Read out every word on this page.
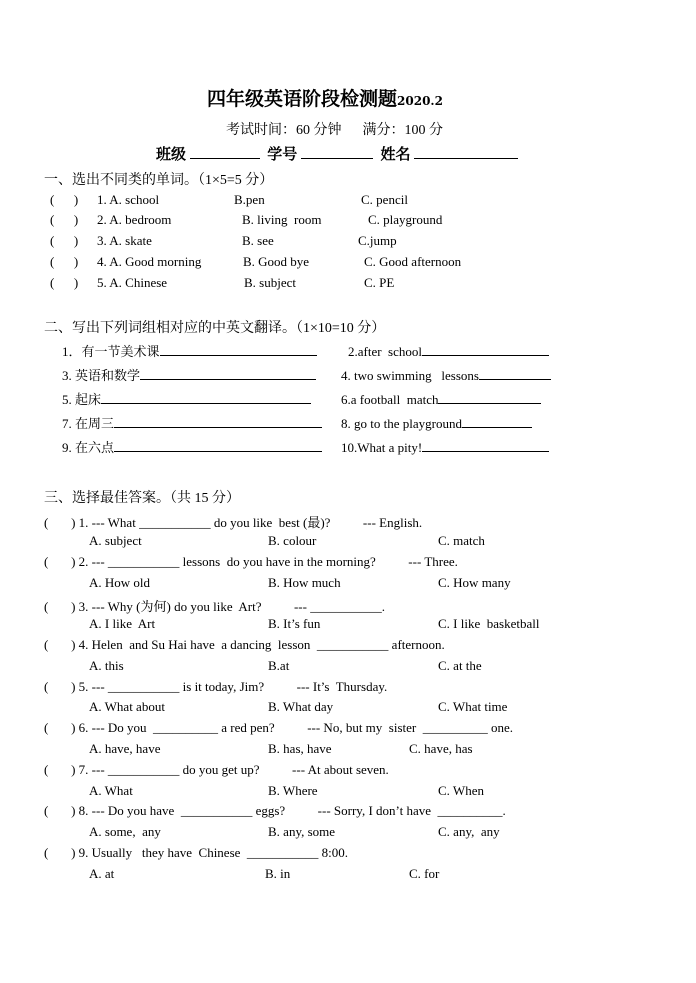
四年级英语阶段检测题2020.2
考试时间：60 分钟      满分：100 分
班级	学号	姓名
一、选出不同类的单词。（1×5=5 分）
(      ) 1. A. school	B.pen	C. pencil
(      ) 2. A. bedroom	B. living  room	C. playground
(      ) 3. A. skate	B. see	C.jump
(      ) 4. A. Good morning	B. Good bye	C. Good afternoon
(      ) 5. A. Chinese	B. subject	C. PE
二、写出下列词组相对应的中英文翻译。（1×10=10 分）
1．有一节美术课	2.after  school
3. 英语和数学	4. two swimming   lessons
5. 起床	6.a football  match
7. 在周三	8. go to the playground
9. 在六点	10.What a pity!
三、选择最佳答案。（共 15 分）
(       ) 1. --- What ___________ do you like  best (最)?          --- English.
A. subject	B. colour	C. match
(       ) 2. --- ___________ lessons  do you have in the morning?          --- Three.
A. How old	B. How much	C. How many
(       ) 3. --- Why (为何) do you like  Art?          --- ___________.
A. I like  Art	B. It’s fun	C. I like  basketball
(       ) 4. Helen  and Su Hai have  a dancing  lesson  ___________ afternoon.
A. this	B.at	C. at the
(       ) 5. --- ___________ is it today, Jim?          --- It’s  Thursday.
A. What about	B. What day	C. What time
(       ) 6. --- Do you  __________ a red pen?          --- No, but my  sister  __________ one.
A. have, have	B. has, have	C. have, has
(       ) 7. --- ___________ do you get up?          --- At about seven.
A. What	B. Where	C. When
(       ) 8. --- Do you have  ___________ eggs?          --- Sorry, I don’t have  __________.
A. some,  any	B. any, some	C. any,  any
(       ) 9. Usually   they have  Chinese  ___________ 8:00.
A. at	B. in	C. for
